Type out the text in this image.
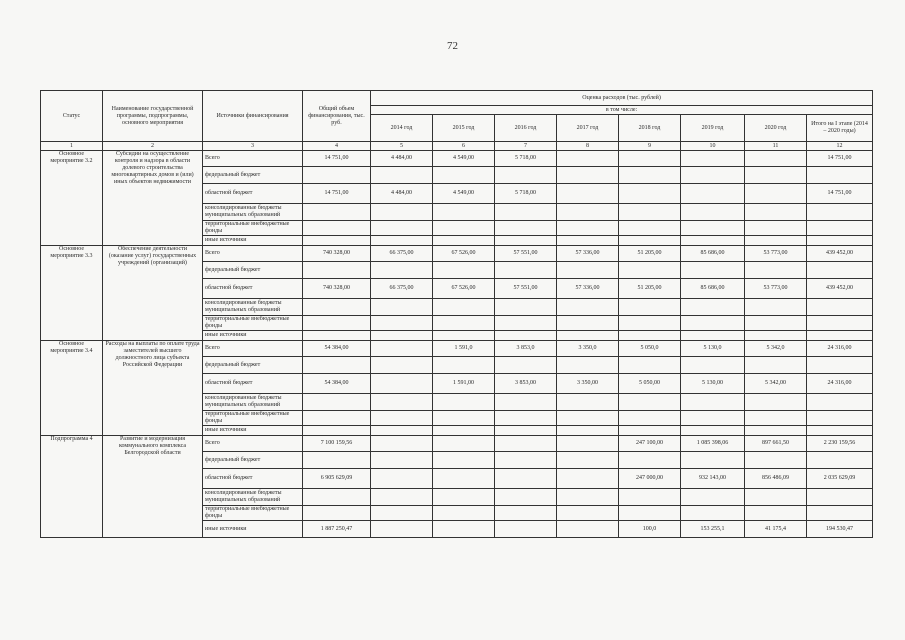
72
Статус	Наименование государственной программы, подпрограммы, основного мероприятия	Источники финансирования	Общий объем финансирования, тыс. руб.	Оценка расходов (тыс. рублей)							
				в том числе:							
				2014 год	2015 год	2016 год	2017 год	2018 год	2019 год	2020 год	Итого на I этапе (2014 – 2020 годы)
1	2	3	4	5	6	7	8	9	10	11	12
Основное мероприятие 3.2	Субсидии на осуществление контроля и надзора в области долевого строительства многоквартирных домов и (или) иных объектов недвижимости	Всего	14 751,00	4 484,00	4 549,00	5 718,00					14 751,00
		федеральный бюджет									
		областной бюджет	14 751,00	4 484,00	4 549,00	5 718,00					14 751,00
		консолидированные бюджеты муниципальных образований									
		территориальные внебюджетные фонды									
		иные источники									
Основное мероприятие 3.3	Обеспечение деятельности (оказание услуг) государственных учреждений (организаций)	Всего	740 328,00	66 375,00	67 526,00	57 551,00	57 336,00	51 205,00	85 686,00	53 773,00	439 452,00
		федеральный бюджет									
		областной бюджет	740 328,00	66 375,00	67 526,00	57 551,00	57 336,00	51 205,00	85 686,00	53 773,00	439 452,00
		консолидированные бюджеты муниципальных образований									
		территориальные внебюджетные фонды									
		иные источники									
Основное мероприятие 3.4	Расходы на выплаты по оплате труда заместителей высшего должностного лица субъекта Российской Федерации	Всего	54 384,00		1 591,0	3 853,0	3 350,0	5 050,0	5 130,0	5 342,0	24 316,00
		федеральный бюджет									
		областной бюджет	54 384,00		1 591,00	3 853,00	3 350,00	5 050,00	5 130,00	5 342,00	24 316,00
		консолидированные бюджеты муниципальных образований									
		территориальные внебюджетные фонды									
		иные источники									
Подпрограмма 4	Развитие и модернизация коммунального комплекса Белгородской области	Всего	7 100 159,56					247 100,00	1 085 398,06	897 661,50	2 230 159,56
		федеральный бюджет									
		областной бюджет	6 905 629,09					247 000,00	932 143,00	856 486,09	2 035 629,09
		консолидированные бюджеты муниципальных образований									
		территориальные внебюджетные фонды									
		иные источники	1 887 250,47					100,0	153 255,1	41 175,4	194 530,47
